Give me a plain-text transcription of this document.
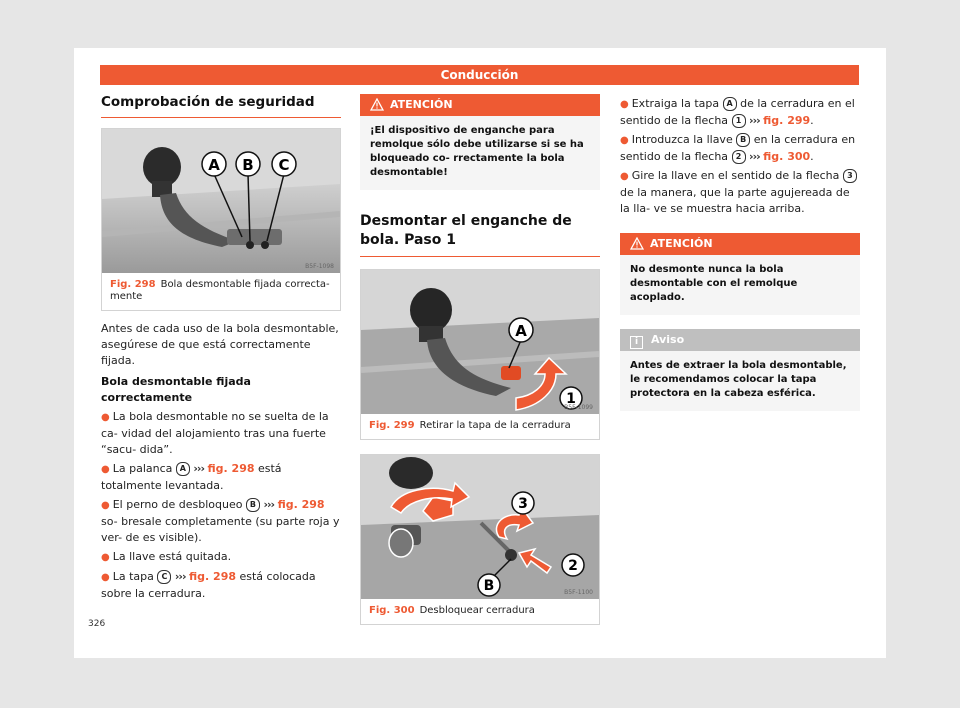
Conducción
Comprobación de seguridad
A B C
B5F-1098
Fig. 298 Bola desmontable fijada correcta-
mente

Antes de cada uso de la bola desmontable, asegúrese de que está correctamente fijada.

Bola desmontable fijada correctamente

● La bola desmontable no se suelta de la ca- vidad del alojamiento tras una fuerte “sacu- dida”.
● La palanca A ››› fig. 298 está totalmente levantada.
● El perno de desbloqueo B ››› fig. 298 so- bresale completamente (su parte roja y ver- de es visible).
● La llave está quitada.
● La tapa C ››› fig. 298 está colocada sobre la cerradura.
ATENCIÓN
¡El dispositivo de enganche para remolque sólo debe utilizarse si se ha bloqueado co- rrectamente la bola desmontable!
Desmontar el enganche de bola. Paso 1
A
1
B5F-1099
Fig. 299 Retirar la tapa de la cerradura
3
2
B	B5F-1100
Fig. 300 Desbloquear cerradura
● Extraiga la tapa A de la cerradura en el sentido de la flecha 1 ››› fig. 299.
● Introduzca la llave B en la cerradura en sentido de la flecha 2 ››› fig. 300.
● Gire la llave en el sentido de la flecha 3 de la manera, que la parte agujereada de la lla- ve se muestra hacia arriba.
ATENCIÓN
No desmonte nunca la bola desmontable con el remolque acoplado.
i Aviso
Antes de extraer la bola desmontable, le recomendamos colocar la tapa protectora en la cabeza esférica.
326
